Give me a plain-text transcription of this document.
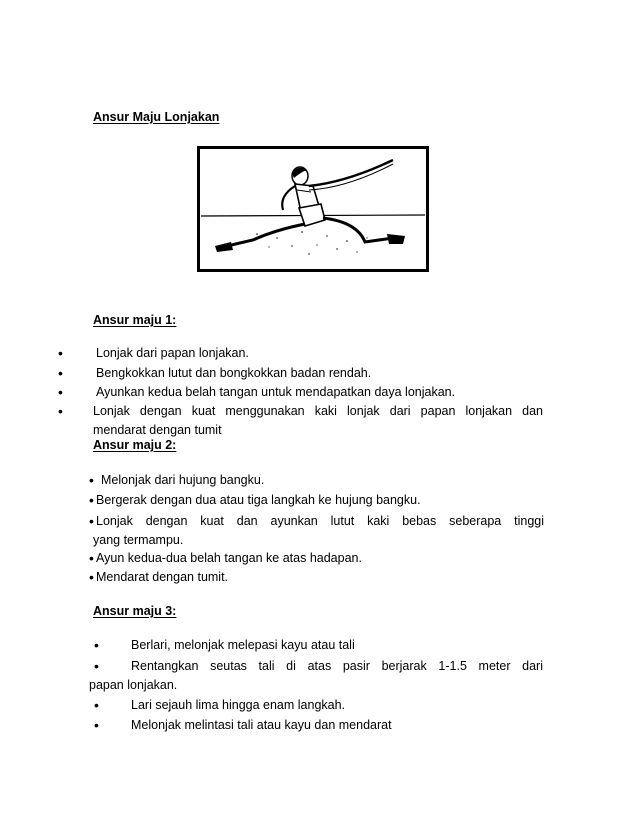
Ansur Maju Lonjakan
Ansur maju 1:
•	Lonjak dari papan lonjakan.
•	Bengkokkan lutut dan bongkokkan badan rendah.
•	Ayunkan kedua belah tangan untuk mendapatkan daya lonjakan.
• Lonjak dengan kuat menggunakan kaki lonjak dari papan lonjakan dan
mendarat dengan tumit
Ansur maju 2:
• Melonjak dari hujung bangku.
• Bergerak dengan dua atau tiga langkah ke hujung bangku.
• Lonjak dengan kuat dan ayunkan lutut kaki bebas seberapa tinggi
yang termampu.
• Ayun kedua-dua belah tangan ke atas hadapan.
• Mendarat dengan tumit.
Ansur maju 3:
•	Berlari, melonjak melepasi kayu atau tali
•	Rentangkan seutas tali di atas pasir berjarak 1-1.5 meter dari
papan lonjakan.
•	Lari sejauh lima hingga enam langkah.
•	Melonjak melintasi tali atau kayu dan mendarat
